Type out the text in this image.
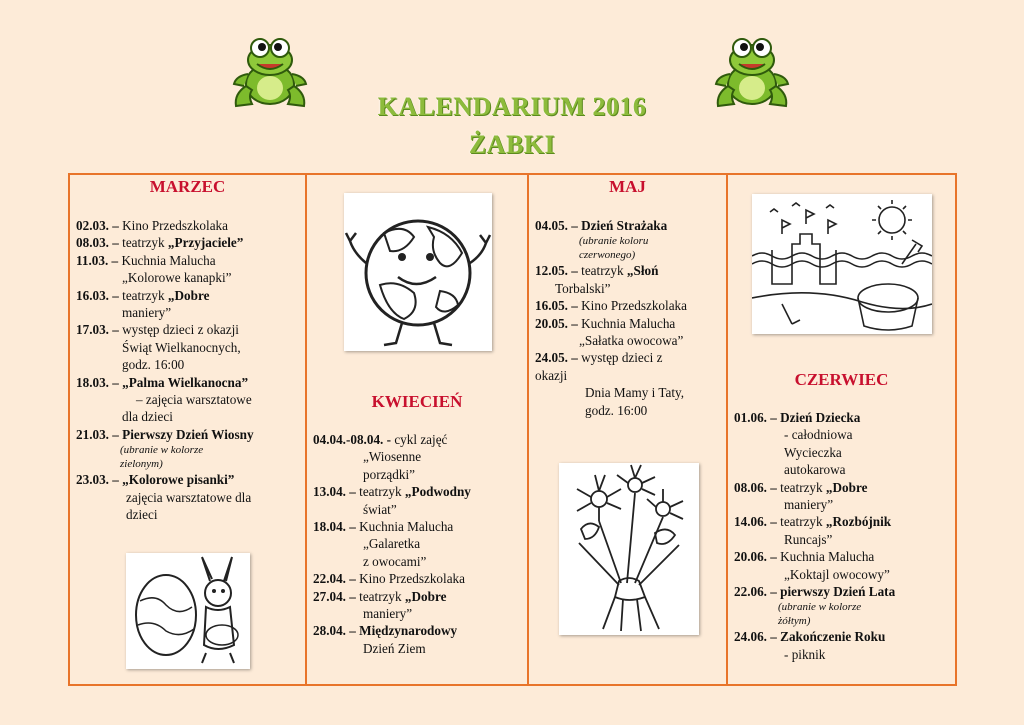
KALENDARIUM 2016
ŻABKI
MARZEC
02.03. – Kino Przedszkolaka
08.03. – teatrzyk „Przyjaciele”
11.03. – Kuchnia Malucha
„Kolorowe kanapki”
16.03. – teatrzyk „Dobre
maniery”
17.03. – występ dzieci z okazji
Świąt Wielkanocnych,
godz. 16:00
18.03. – „Palma Wielkanocna”
– zajęcia warsztatowe
dla dzieci
21.03. – Pierwszy Dzień Wiosny
(ubranie w kolorze
zielonym)
23.03. – „Kolorowe pisanki”
zajęcia warsztatowe dla
dzieci
KWIECIEŃ
04.04.-08.04. - cykl zajęć
„Wiosenne
porządki”
13.04. – teatrzyk „Podwodny
świat”
18.04. – Kuchnia Malucha
„Galaretka
z owocami”
22.04. – Kino Przedszkolaka
27.04. – teatrzyk „Dobre
maniery”
28.04. – Międzynarodowy
Dzień Ziem
MAJ
04.05. – Dzień Strażaka
(ubranie koloru
czerwonego)
12.05. – teatrzyk „Słoń
Torbalski”
16.05. – Kino Przedszkolaka
20.05. – Kuchnia Malucha
„Sałatka owocowa”
24.05. – występ dzieci z
okazji
Dnia Mamy i Taty,
godz. 16:00
CZERWIEC
01.06. – Dzień Dziecka
- całodniowa
Wycieczka
autokarowa
08.06. – teatrzyk „Dobre
maniery”
14.06. – teatrzyk „Rozbójnik
Runcajs”
20.06. – Kuchnia Malucha
„Koktajl owocowy”
22.06. – pierwszy Dzień Lata
(ubranie w kolorze
żółtym)
24.06. – Zakończenie Roku
- piknik
